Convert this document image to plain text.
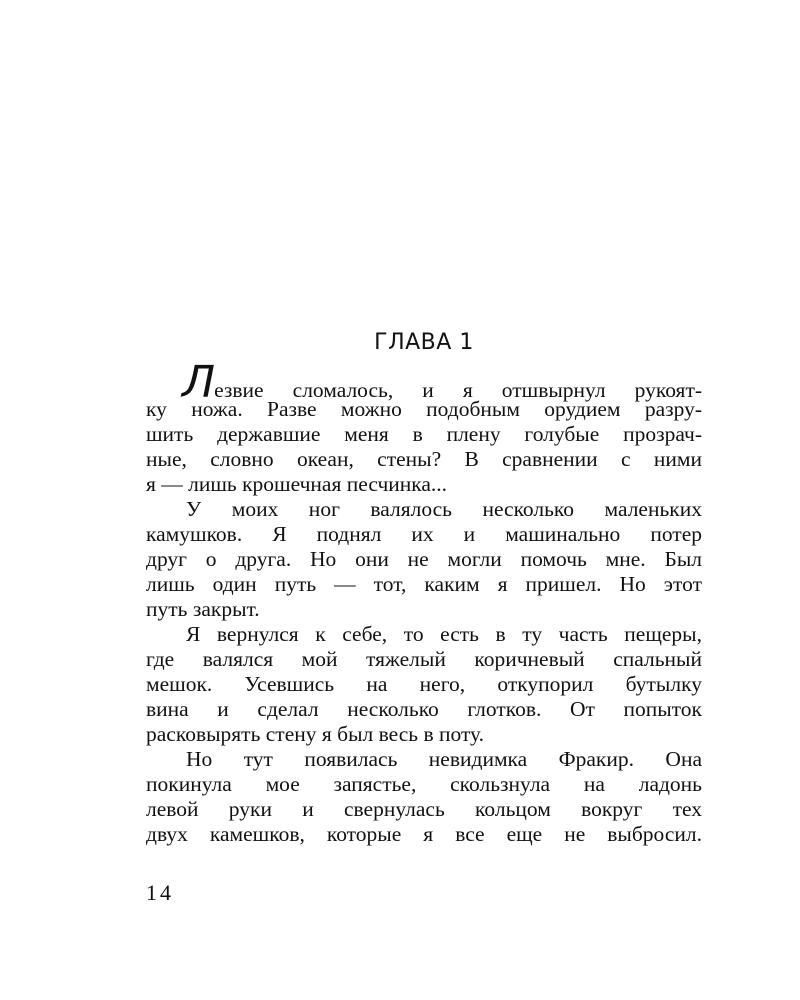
ГЛАВА 1
Лезвие сломалось, и я отшвырнул рукоят-
ку ножа. Разве можно подобным орудием разру-
шить державшие меня в плену голубые прозрач-
ные, словно океан, стены? В сравнении с ними
я — лишь крошечная песчинка...
У моих ног валялось несколько маленьких
камушков. Я поднял их и машинально потер
друг о друга. Но они не могли помочь мне. Был
лишь один путь — тот, каким я пришел. Но этот
путь закрыт.
Я вернулся к себе, то есть в ту часть пещеры,
где валялся мой тяжелый коричневый спальный
мешок. Усевшись на него, откупорил бутылку
вина и сделал несколько глотков. От попыток
расковырять стену я был весь в поту.
Но тут появилась невидимка Фракир. Она
покинула мое запястье, скользнула на ладонь
левой руки и свернулась кольцом вокруг тех
двух камешков, которые я все еще не выбросил.
14
